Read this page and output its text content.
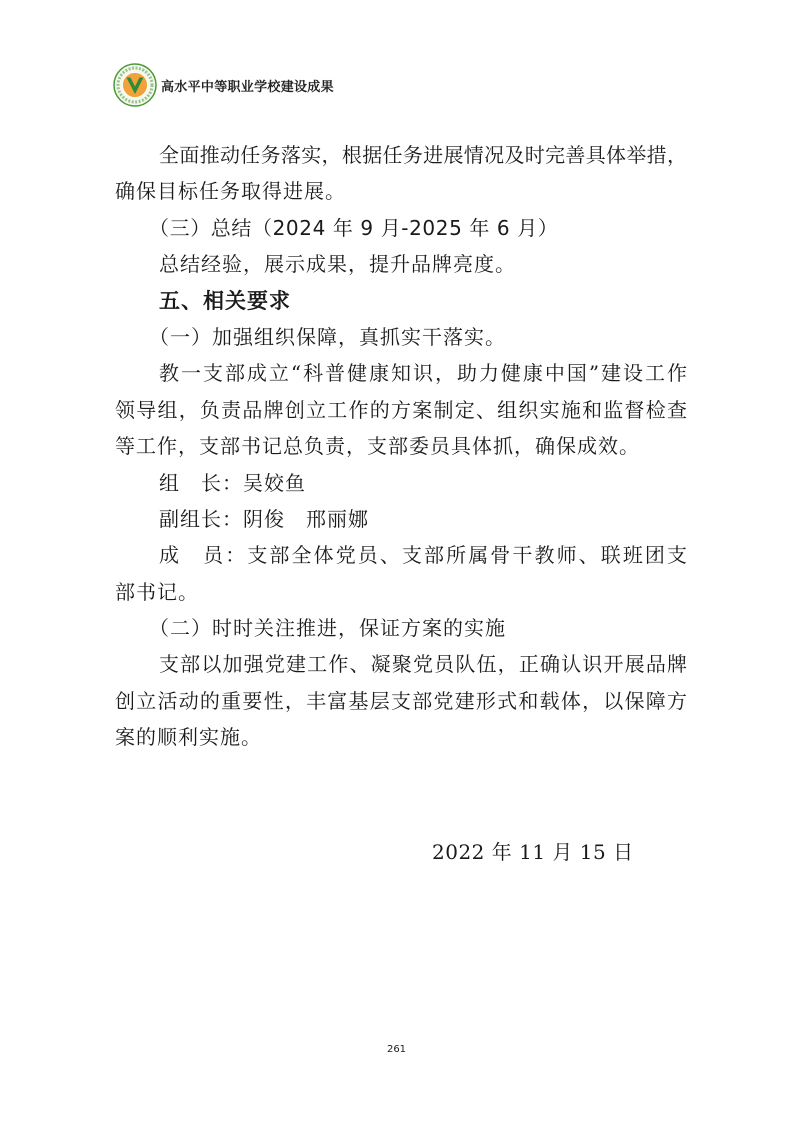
高水平中等职业学校建设成果
全面推动任务落实，根据任务进展情况及时完善具体举措，
确保目标任务取得进展。
（三）总结（2024 年 9 月-2025 年 6 月）
总结经验，展示成果，提升品牌亮度。
五、相关要求
（一）加强组织保障，真抓实干落实。
教一支部成立“科普健康知识，助力健康中国”建设工作
领导组，负责品牌创立工作的方案制定、组织实施和监督检查
等工作，支部书记总负责，支部委员具体抓，确保成效。
组　长：吴姣鱼
副组长：阴俊　邢丽娜
成　员：支部全体党员、支部所属骨干教师、联班团支
部书记。
（二）时时关注推进，保证方案的实施
支部以加强党建工作、凝聚党员队伍，正确认识开展品牌
创立活动的重要性，丰富基层支部党建形式和载体，以保障方
案的顺利实施。
2022 年 11 月 15 日
261
